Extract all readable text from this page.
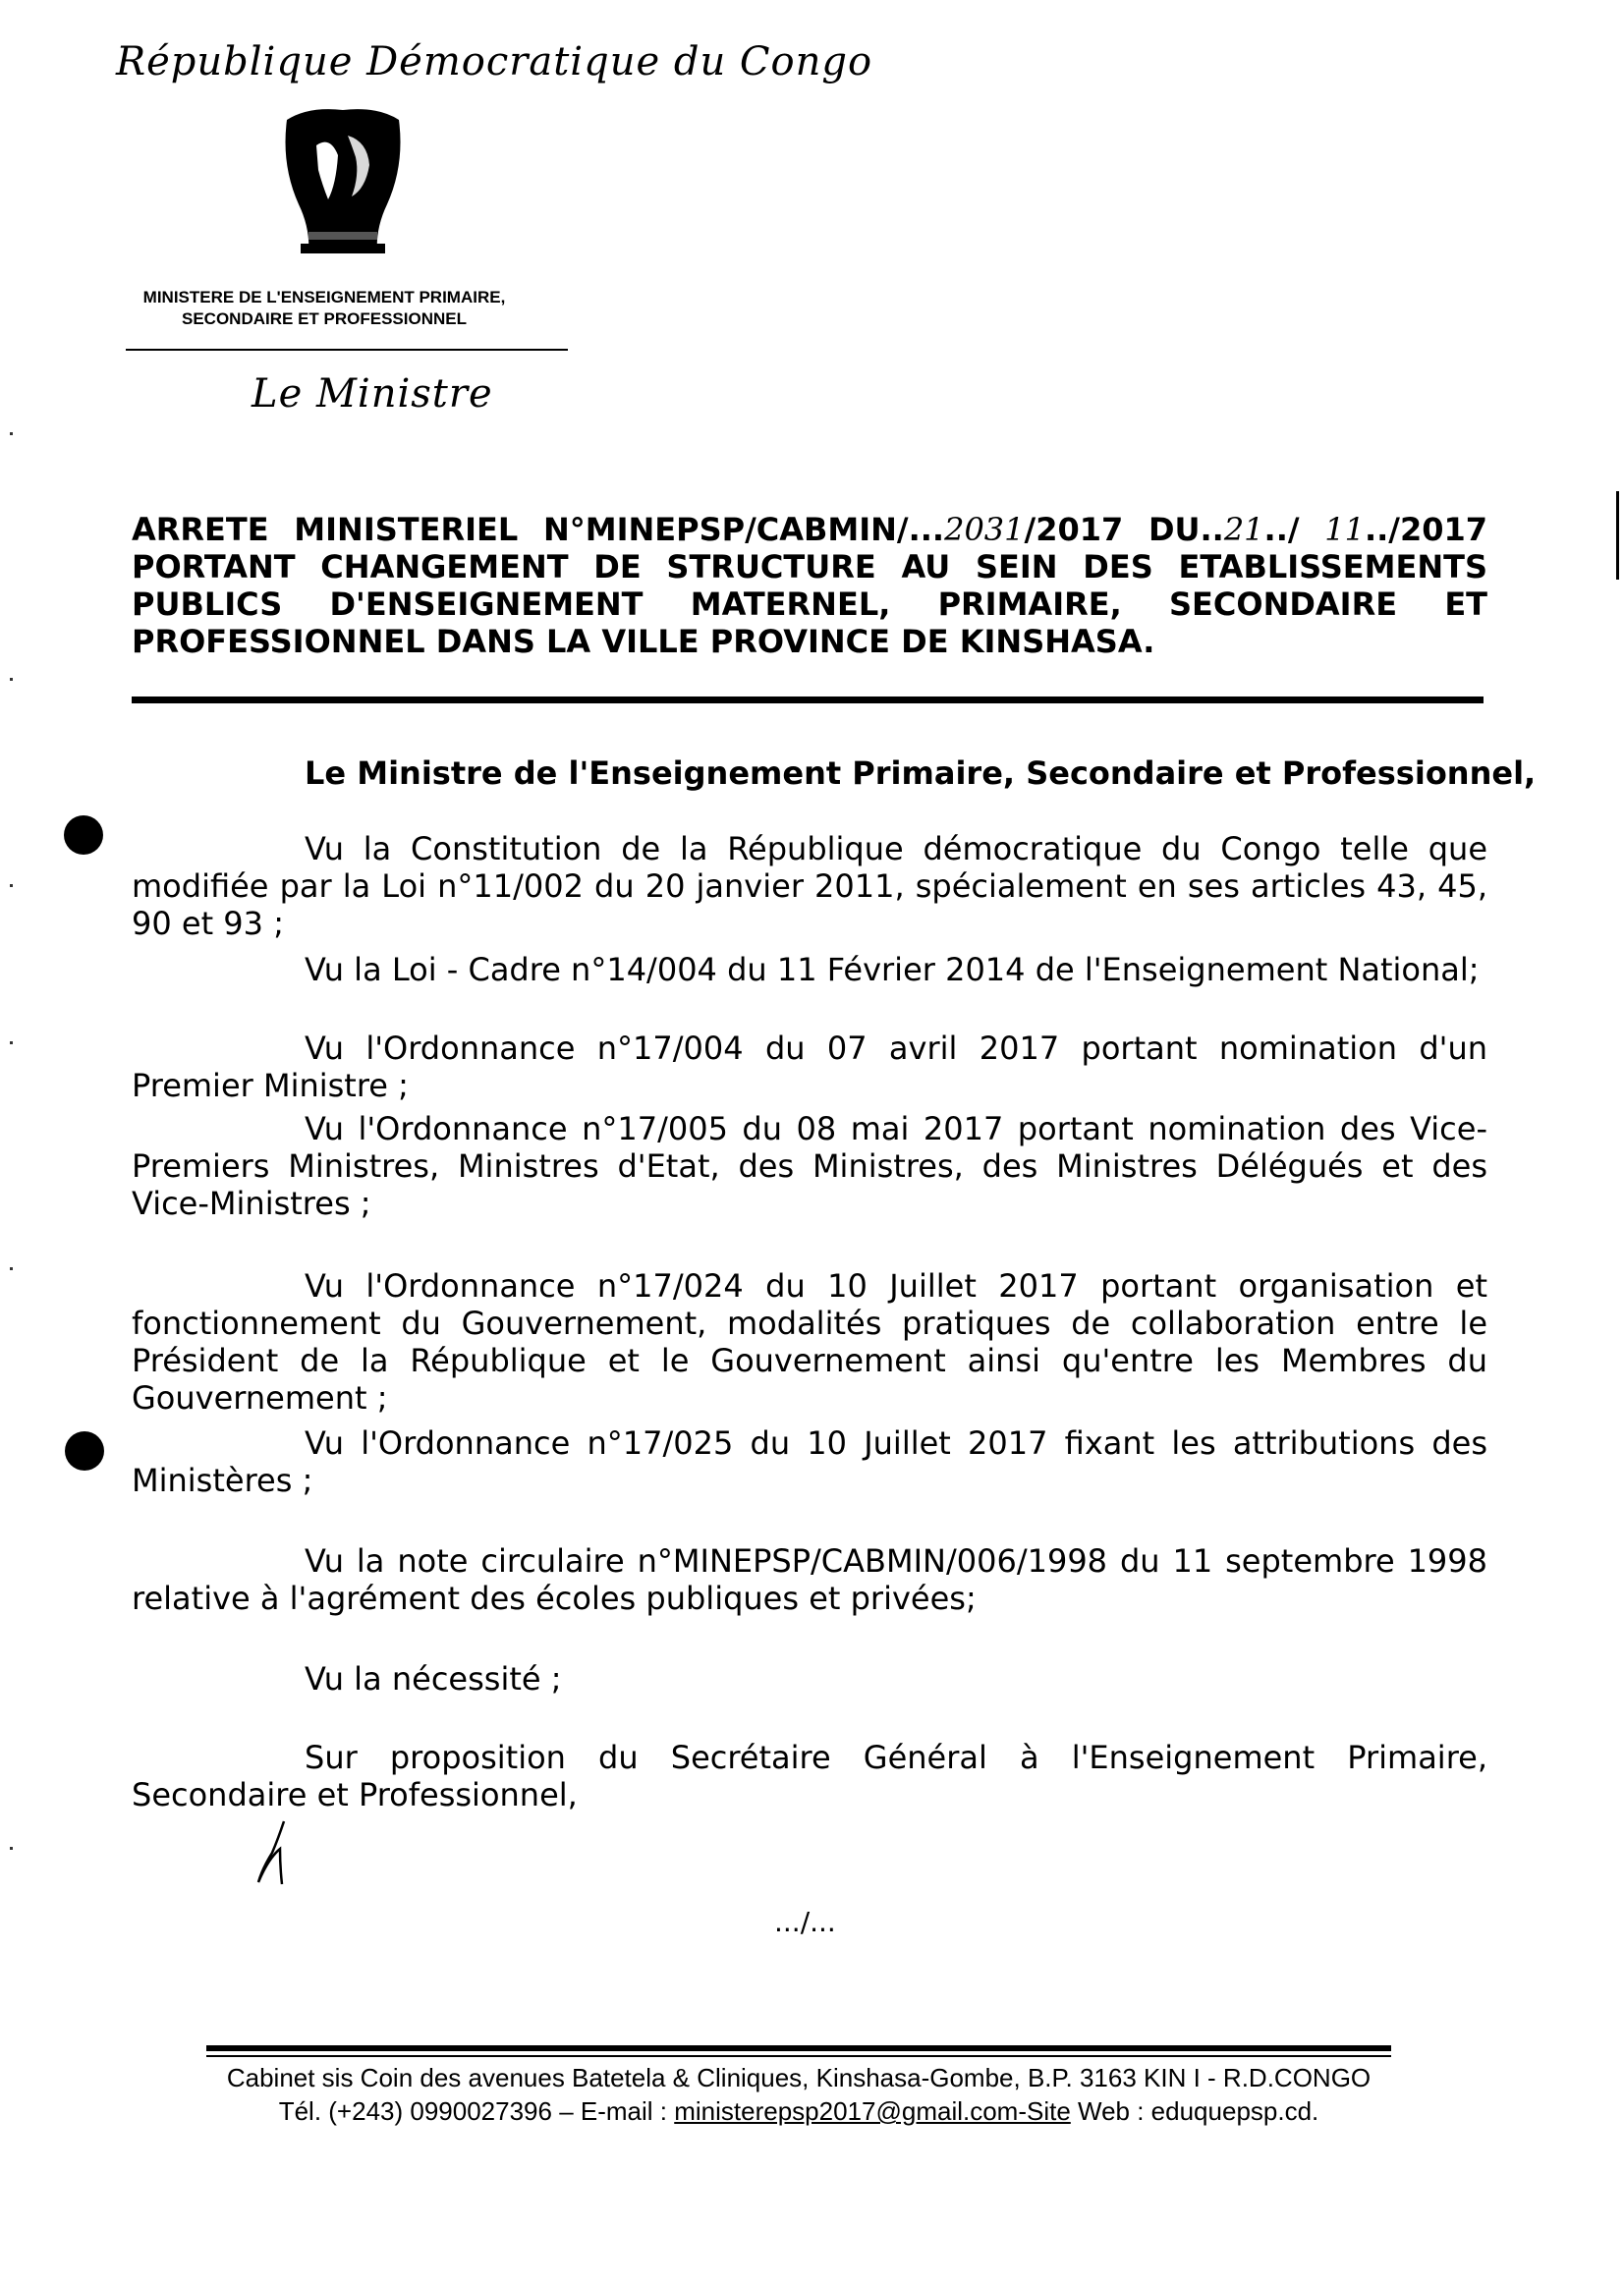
République Démocratique du Congo
MINISTERE DE L'ENSEIGNEMENT PRIMAIRE,
SECONDAIRE ET PROFESSIONNEL
Le Ministre
ARRETE MINISTERIEL N°MINEPSP/CABMIN/...2031/2017 DU..21../ 11../2017
PORTANT CHANGEMENT DE STRUCTURE AU SEIN DES ETABLISSEMENTS PUBLICS D'ENSEIGNEMENT MATERNEL, PRIMAIRE, SECONDAIRE ET PROFESSIONNEL DANS LA VILLE PROVINCE DE KINSHASA.
Le Ministre de l'Enseignement Primaire, Secondaire et Professionnel,

Vu la Constitution de la République démocratique du Congo telle que modifiée par la Loi n°11/002 du 20 janvier 2011, spécialement en ses articles 43, 45, 90 et 93 ;

Vu la Loi - Cadre n°14/004 du 11 Février 2014 de l'Enseignement National;

Vu l'Ordonnance n°17/004 du 07 avril 2017 portant nomination d'un Premier Ministre ;

Vu l'Ordonnance n°17/005 du 08 mai 2017 portant nomination des Vice-Premiers Ministres, Ministres d'Etat, des Ministres, des Ministres Délégués et des Vice-Ministres ;

Vu l'Ordonnance n°17/024 du 10 Juillet 2017 portant organisation et fonctionnement du Gouvernement, modalités pratiques de collaboration entre le Président de la République et le Gouvernement ainsi qu'entre les Membres du Gouvernement ;

Vu l'Ordonnance n°17/025 du 10 Juillet 2017 fixant les attributions des Ministères ;

Vu la note circulaire n°MINEPSP/CABMIN/006/1998 du 11 septembre 1998 relative à l'agrément des écoles publiques et privées;

Vu la nécessité ;

Sur proposition du Secrétaire Général à l'Enseignement Primaire, Secondaire et Professionnel,

.../...
Cabinet sis Coin des avenues Batetela & Cliniques, Kinshasa-Gombe, B.P. 3163 KIN I - R.D.CONGO
Tél. (+243) 0990027396 – E-mail : ministerepsp2017@gmail.com-Site Web : eduquepsp.cd.
